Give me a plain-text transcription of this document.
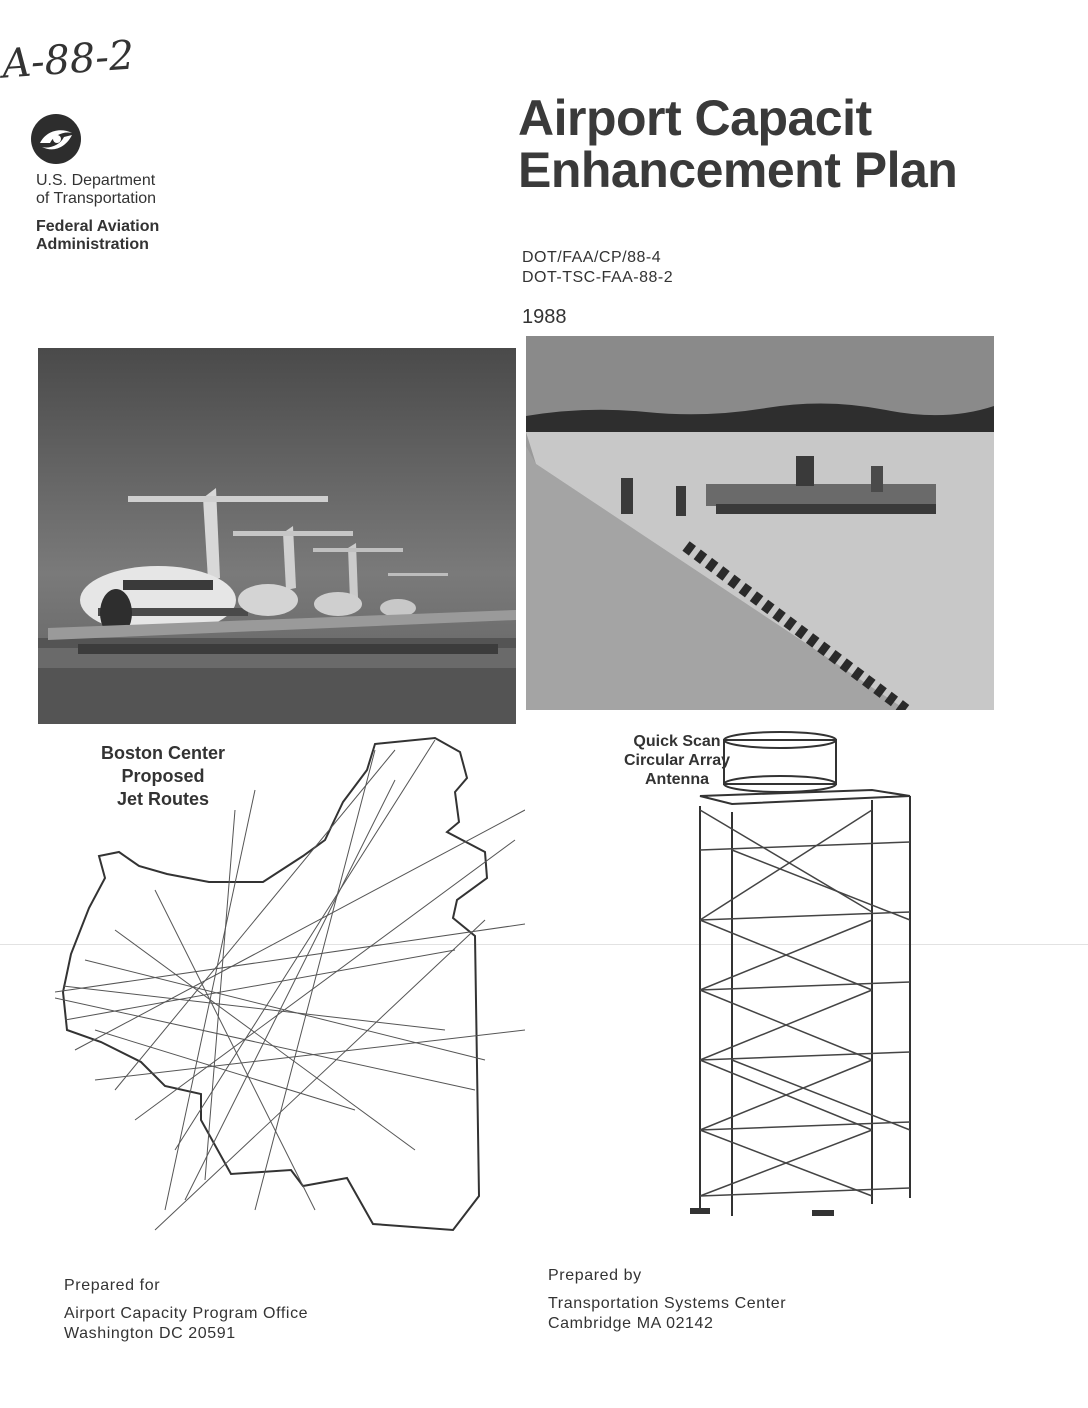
A-88-2
U.S. Department
of Transportation
Federal Aviation
Administration
Airport Capacit
Enhancement Plan
DOT/FAA/CP/88-4
DOT-TSC-FAA-88-2
1988
Boston Center
Proposed
Jet Routes
Quick Scan
Circular Array
Antenna
Prepared for
Airport Capacity Program Office
Washington DC 20591
Prepared by
Transportation Systems Center
Cambridge MA 02142
